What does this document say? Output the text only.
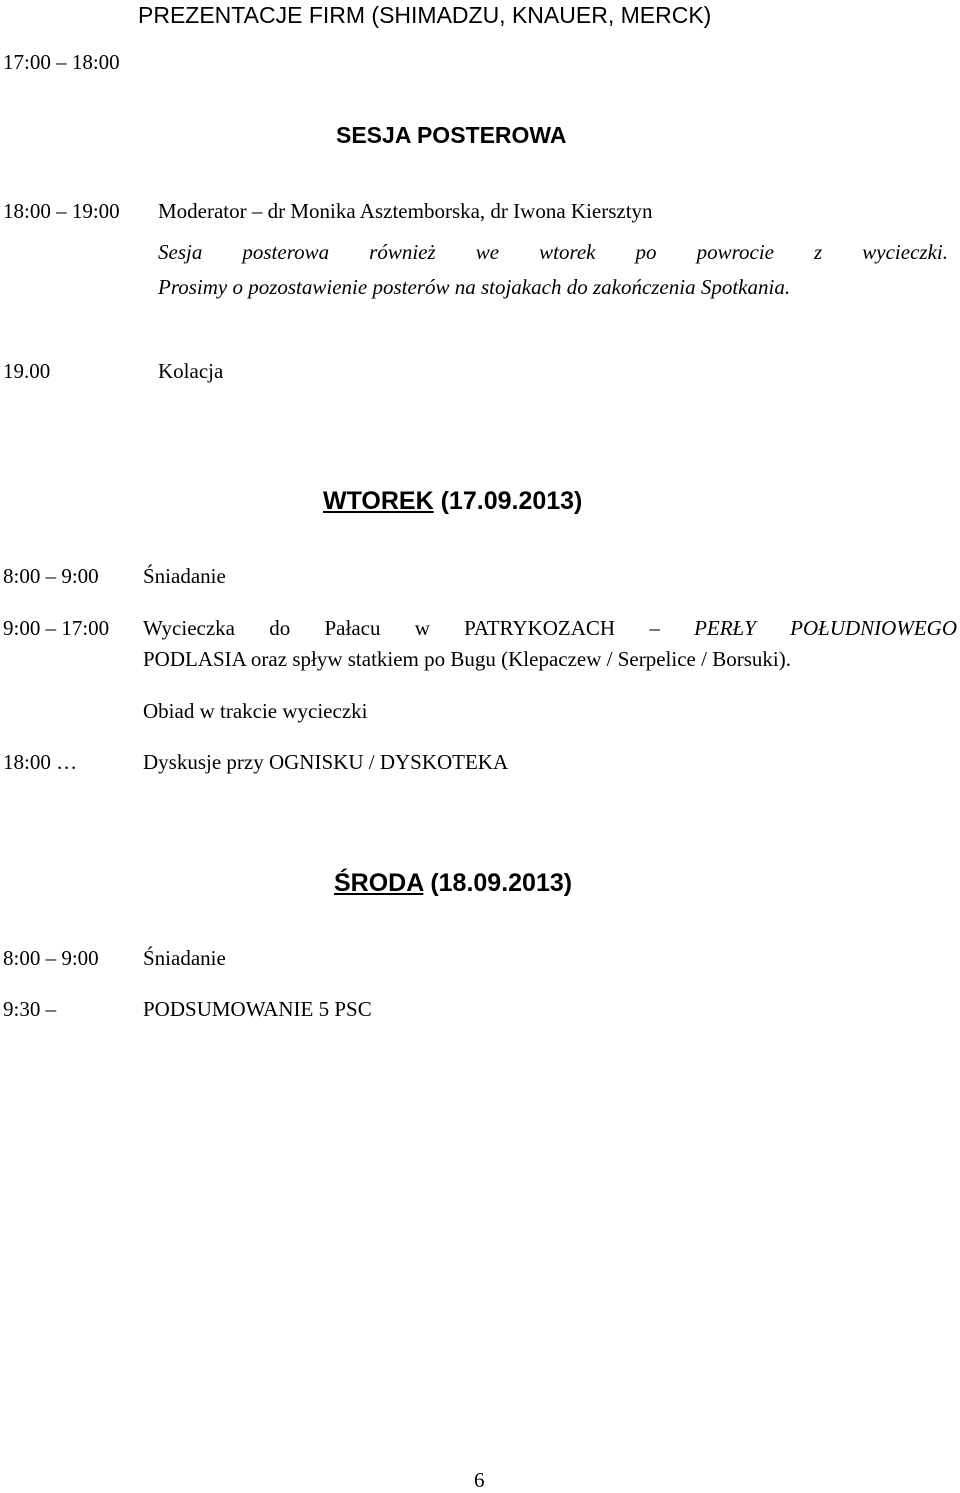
PREZENTACJE FIRM (SHIMADZU, KNAUER, MERCK)
17:00 – 18:00
SESJA POSTEROWA
18:00 – 19:00 Moderator – dr Monika Asztemborska, dr Iwona Kiersztyn
Sesja posterowa również we wtorek po powrocie z wycieczki.
Prosimy o pozostawienie posterów na stojakach do zakończenia Spotkania.
19.00	Kolacja
WTOREK (17.09.2013)
8:00 – 9:00 Śniadanie
9:00 – 17:00 Wycieczka do Pałacu w PATRYKOZACH – PERŁY POŁUDNIOWEGO
PODLASIA oraz spływ statkiem po Bugu (Klepaczew / Serpelice / Borsuki).
Obiad w trakcie wycieczki
18:00 …	Dyskusje przy OGNISKU / DYSKOTEKA
ŚRODA (18.09.2013)
8:00 – 9:00 Śniadanie
9:30 –	PODSUMOWANIE 5 PSC
6
